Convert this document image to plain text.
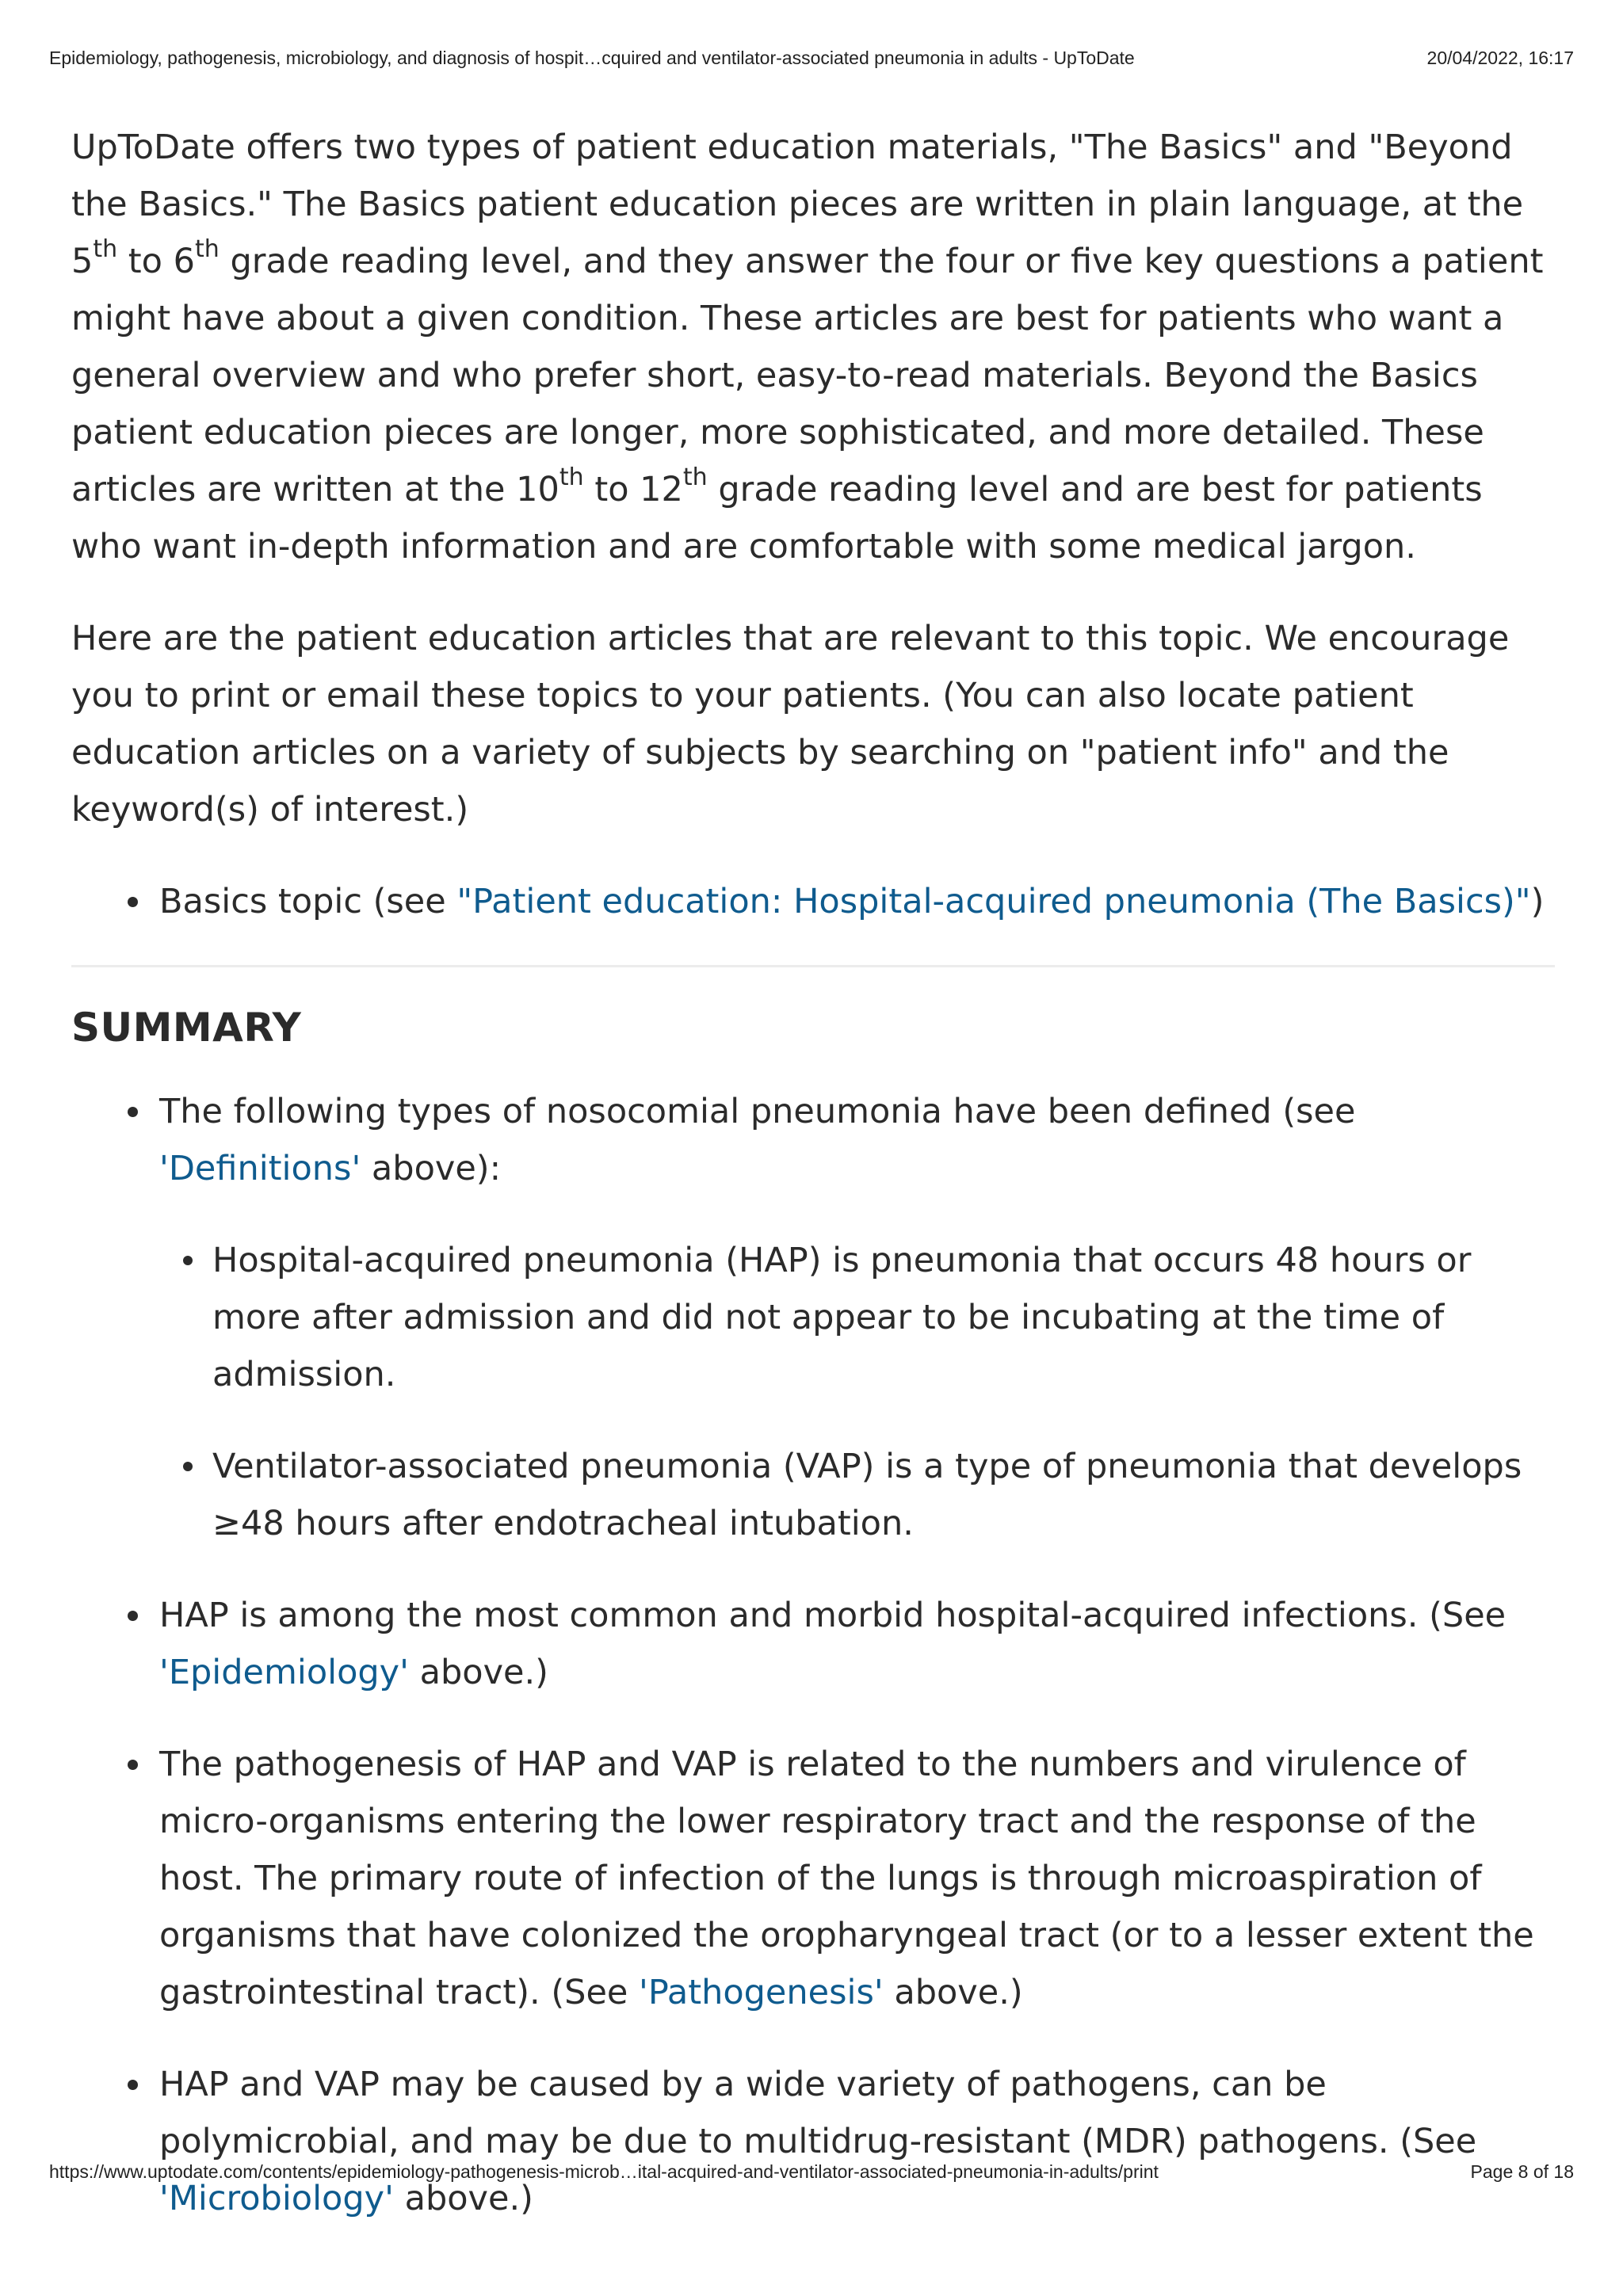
Epidemiology, pathogenesis, microbiology, and diagnosis of hospit…cquired and ventilator-associated pneumonia in adults - UpToDate	20/04/2022, 16:17

UpToDate offers two types of patient education materials, "The Basics" and "Beyond the Basics." The Basics patient education pieces are written in plain language, at the 5th to 6th grade reading level, and they answer the four or five key questions a patient might have about a given condition. These articles are best for patients who want a general overview and who prefer short, easy-to-read materials. Beyond the Basics patient education pieces are longer, more sophisticated, and more detailed. These articles are written at the 10th to 12th grade reading level and are best for patients who want in-depth information and are comfortable with some medical jargon.

Here are the patient education articles that are relevant to this topic. We encourage you to print or email these topics to your patients. (You can also locate patient education articles on a variety of subjects by searching on "patient info" and the keyword(s) of interest.)

Basics topic (see "Patient education: Hospital-acquired pneumonia (The Basics)")
SUMMARY
The following types of nosocomial pneumonia have been defined (see 'Definitions' above):
Hospital-acquired pneumonia (HAP) is pneumonia that occurs 48 hours or more after admission and did not appear to be incubating at the time of admission.
Ventilator-associated pneumonia (VAP) is a type of pneumonia that develops ≥48 hours after endotracheal intubation.
HAP is among the most common and morbid hospital-acquired infections. (See 'Epidemiology' above.)
The pathogenesis of HAP and VAP is related to the numbers and virulence of micro-organisms entering the lower respiratory tract and the response of the host. The primary route of infection of the lungs is through microaspiration of organisms that have colonized the oropharyngeal tract (or to a lesser extent the gastrointestinal tract). (See 'Pathogenesis' above.)
HAP and VAP may be caused by a wide variety of pathogens, can be polymicrobial, and may be due to multidrug-resistant (MDR) pathogens. (See 'Microbiology' above.)
https://www.uptodate.com/contents/epidemiology-pathogenesis-microb…ital-acquired-and-ventilator-associated-pneumonia-in-adults/print	Page 8 of 18
